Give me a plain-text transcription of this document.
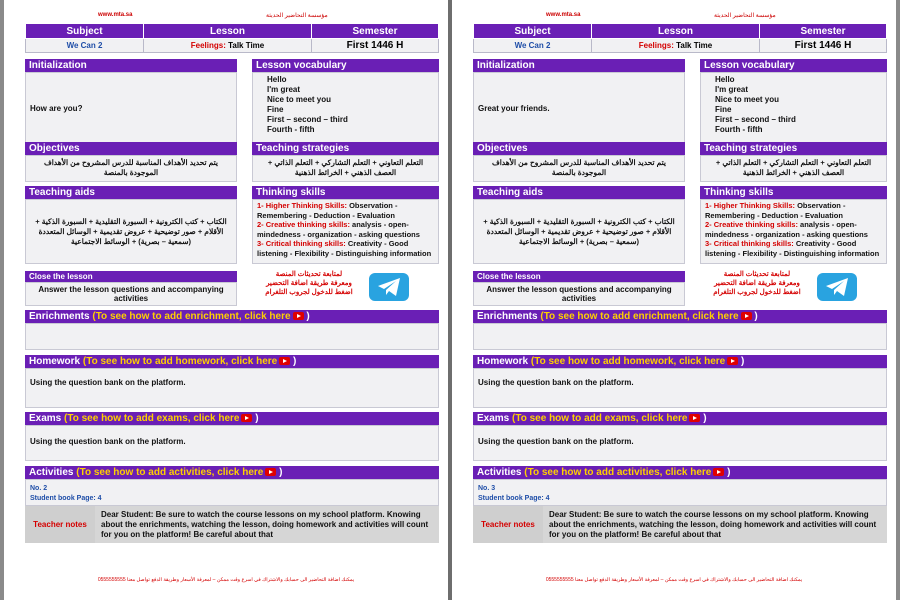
www.mta.sa	مؤسسة التحاضير الحديثة
Subject	Lesson	Semester
We Can 2	Feelings: Talk Time	First 1446 H
Initialization
How are you?
Lesson vocabulary

Hello

I'm great

Nice to meet you

Fine

First – second – third

Fourth - fifth

Objectives
يتم تحديد الأهداف المناسبة للدرس المشروح من الأهداف الموجودة بالمنصة
Teaching strategies
التعلم التعاوني + التعلم التشاركي + التعلم الذاتي + العصف الذهني + الخرائط الذهنية
Teaching aids
الكتاب + كتب الكترونية + السبورة التقليدية + السبورة الذكية + الأقلام + صور توضيحية + عروض تقديمية + الوسائل المتعددة (سمعية – بصرية) + الوسائط الاجتماعية
Thinking skills
1- Higher Thinking Skills: Observation - Remembering - Deduction - Evaluation
2- Creative thinking skills: analysis - open-mindedness - organization - asking questions
3- Critical thinking skills: Creativity - Good listening - Flexibility - Distinguishing information
Close the lesson
Answer the lesson questions and accompanying activities
لمتابعة تحديثات المنصة
ومعرفة طريقة اضافة التحضير
اضغط للدخول لجروب التلغرام
Enrichments (To see how to add enrichment, click here )
Homework (To see how to add homework, click here )
Using the question bank on the platform.
Exams (To see how to add exams, click here )
Using the question bank on the platform.
Activities (To see how to add activities, click here )
No. 2
Student book Page: 4
Teacher notes
Dear Student: Be sure to watch the course lessons on my school platform. Knowing about the enrichments, watching the lesson, doing homework and activities will count for you on the platform! Be careful about that
يمكنك اضافة التحاضير الى حسابك والاشتراك في اسرع وقت ممكن – لمعرفة الأسعار وطريقة الدفع تواصل معنا 0555555555
www.mta.sa	مؤسسة التحاضير الحديثة
Subject	Lesson	Semester
We Can 2	Feelings: Talk Time	First 1446 H
Initialization
Great your friends.
Lesson vocabulary

Hello

I'm great

Nice to meet you

Fine

First – second – third

Fourth - fifth

Objectives
يتم تحديد الأهداف المناسبة للدرس المشروح من الأهداف الموجودة بالمنصة
Teaching strategies
التعلم التعاوني + التعلم التشاركي + التعلم الذاتي + العصف الذهني + الخرائط الذهنية
Teaching aids
الكتاب + كتب الكترونية + السبورة التقليدية + السبورة الذكية + الأقلام + صور توضيحية + عروض تقديمية + الوسائل المتعددة (سمعية – بصرية) + الوسائط الاجتماعية
Thinking skills
1- Higher Thinking Skills: Observation - Remembering - Deduction - Evaluation
2- Creative thinking skills: analysis - open-mindedness - organization - asking questions
3- Critical thinking skills: Creativity - Good listening - Flexibility - Distinguishing information
Close the lesson
Answer the lesson questions and accompanying activities
لمتابعة تحديثات المنصة
ومعرفة طريقة اضافة التحضير
اضغط للدخول لجروب التلغرام
Enrichments (To see how to add enrichment, click here )
Homework (To see how to add homework, click here )
Using the question bank on the platform.
Exams (To see how to add exams, click here )
Using the question bank on the platform.
Activities (To see how to add activities, click here )
No. 3
Student book Page: 4
Teacher notes
Dear Student: Be sure to watch the course lessons on my school platform. Knowing about the enrichments, watching the lesson, doing homework and activities will count for you on the platform! Be careful about that
يمكنك اضافة التحاضير الى حسابك والاشتراك في اسرع وقت ممكن – لمعرفة الأسعار وطريقة الدفع تواصل معنا 0555555555
